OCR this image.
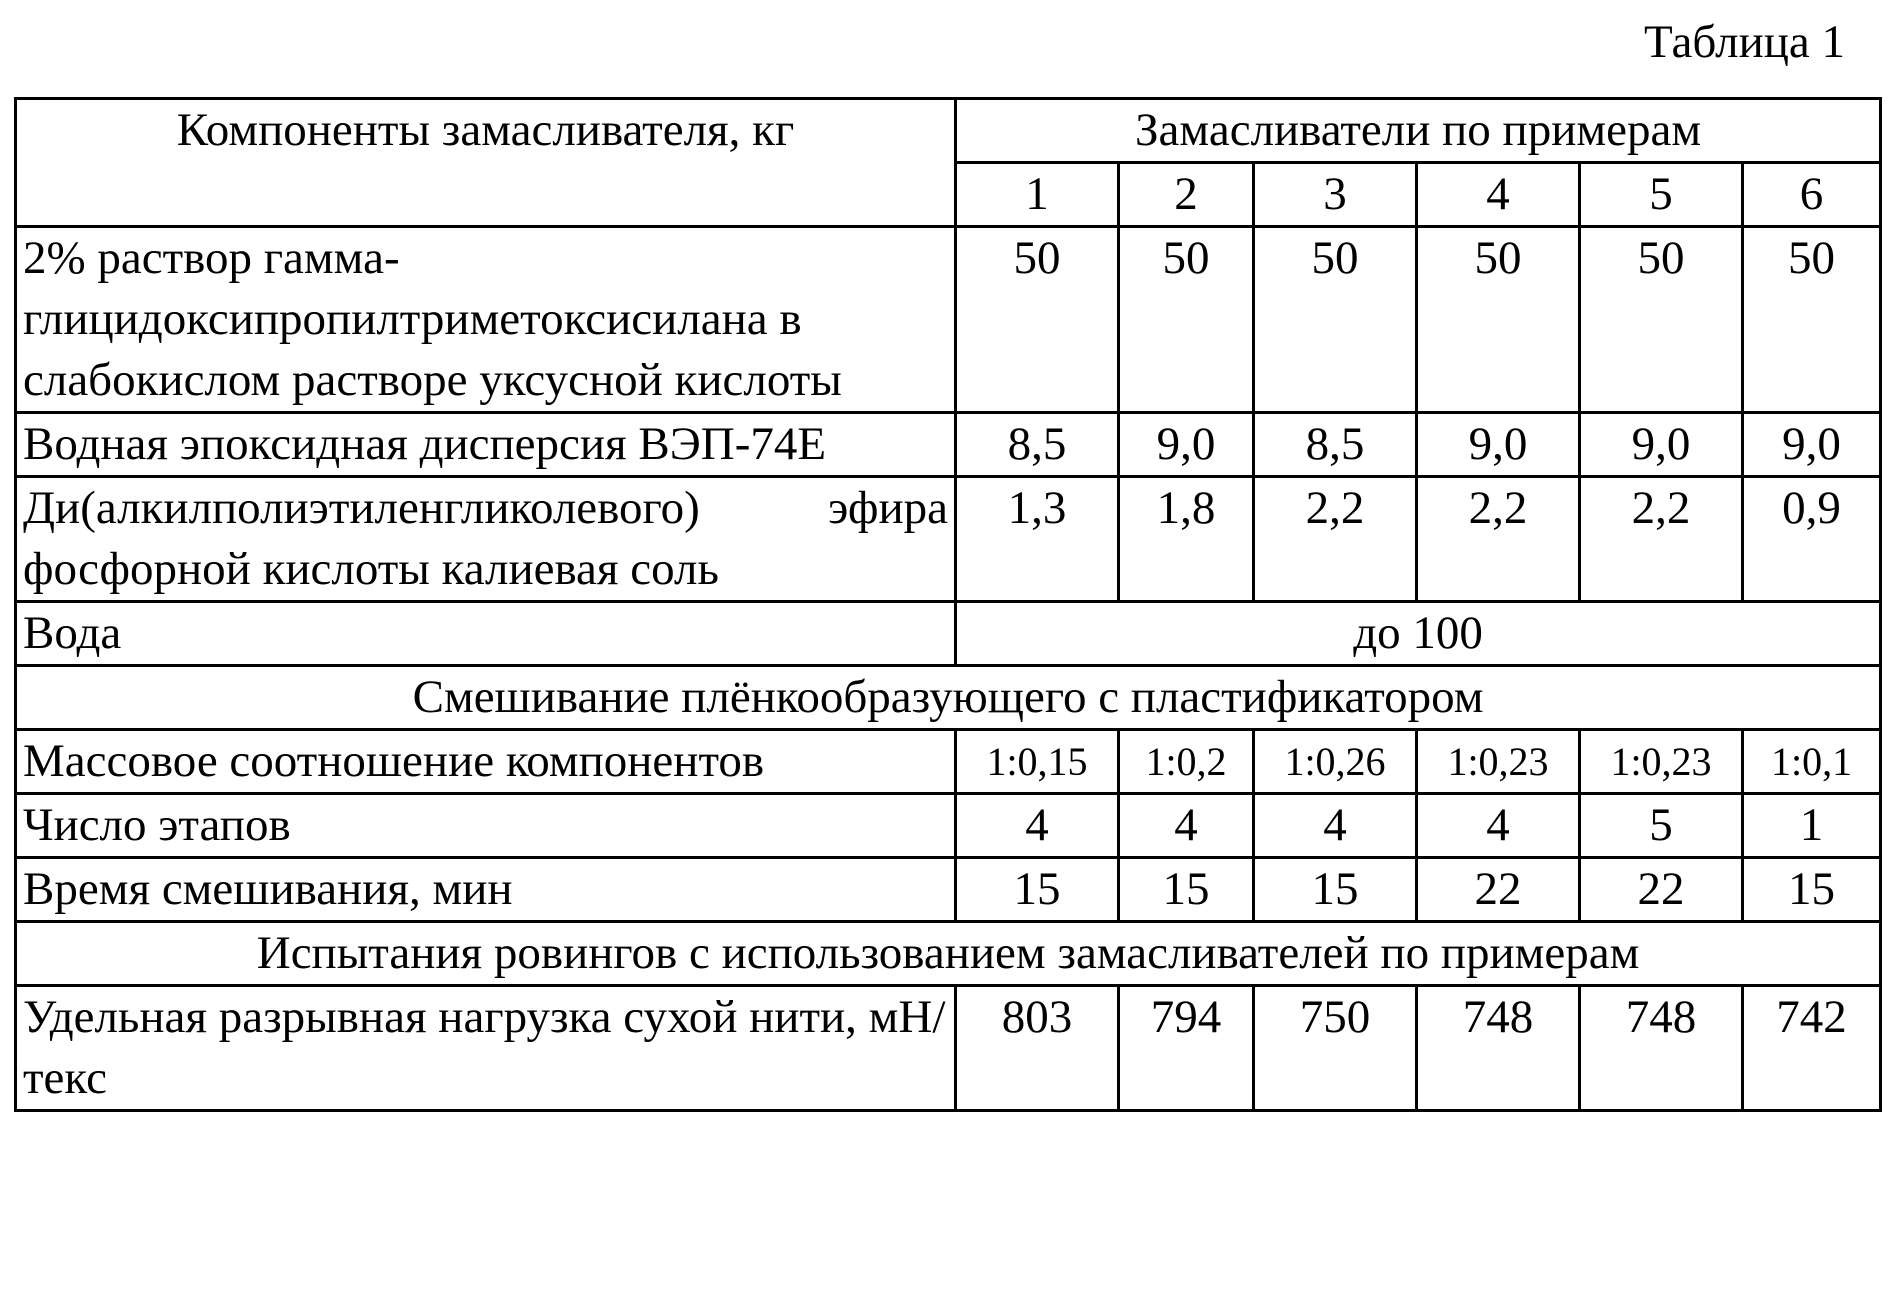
Таблица 1
Компоненты замасливателя, кг	Замасливатели по примерам					
	1	2	3	4	5	6
2% раствор гамма-глицидоксипропилтриметоксисилана в слабокислом растворе уксусной кислоты	50	50	50	50	50	50
Водная эпоксидная дисперсия ВЭП-74Е	8,5	9,0	8,5	9,0	9,0	9,0
Ди(алкилполиэтиленгликолевого) эфира фосфорной кислоты калиевая соль	1,3	1,8	2,2	2,2	2,2	0,9
Вода	до 100					
Смешивание плёнкообразующего с пластификатором						
Массовое соотношение компонентов	1:0,15	1:0,2	1:0,26	1:0,23	1:0,23	1:0,1
Число этапов	4	4	4	4	5	1
Время смешивания, мин	15	15	15	22	22	15
Испытания ровингов с использованием замасливателей по примерам						
Удельная разрывная нагрузка сухой нити, мН/текс	803	794	750	748	748	742
